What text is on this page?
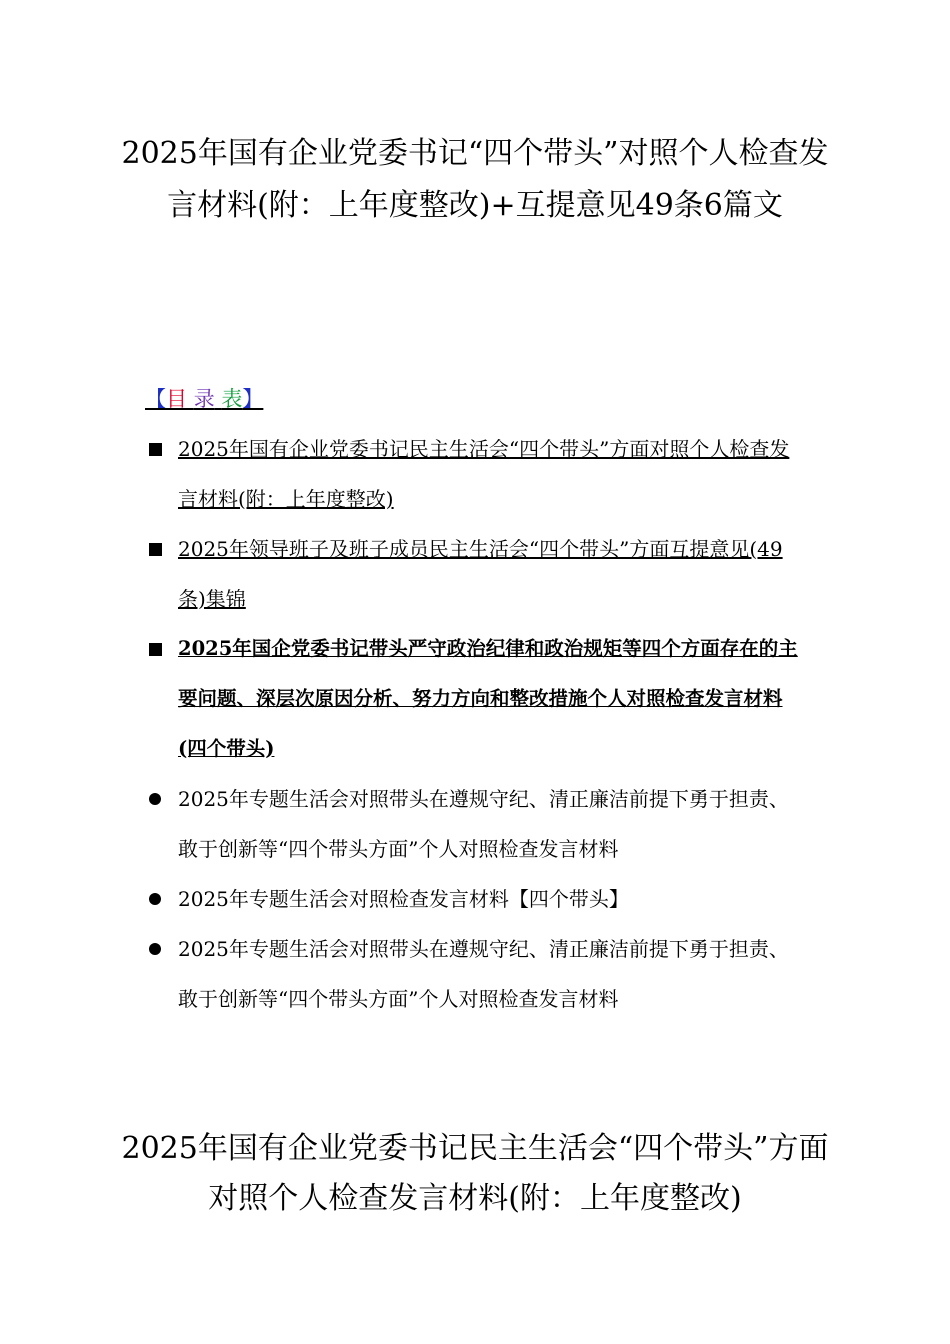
2025年国有企业党委书记“四个带头”对照个人检查发言材料(附：上年度整改)+互提意见49条6篇文
【目 录 表】
2025年国有企业党委书记民主生活会“四个带头”方面对照个人检查发言材料(附：上年度整改)
2025年领导班子及班子成员民主生活会“四个带头”方面互提意见(49条)集锦
2025年国企党委书记带头严守政治纪律和政治规矩等四个方面存在的主要问题、深层次原因分析、努力方向和整改措施个人对照检查发言材料(四个带头)
2025年专题生活会对照带头在遵规守纪、清正廉洁前提下勇于担责、敢于创新等“四个带头方面”个人对照检查发言材料
2025年专题生活会对照检查发言材料【四个带头】
2025年专题生活会对照带头在遵规守纪、清正廉洁前提下勇于担责、敢于创新等“四个带头方面”个人对照检查发言材料
2025年国有企业党委书记民主生活会“四个带头”方面对照个人检查发言材料(附：上年度整改)
